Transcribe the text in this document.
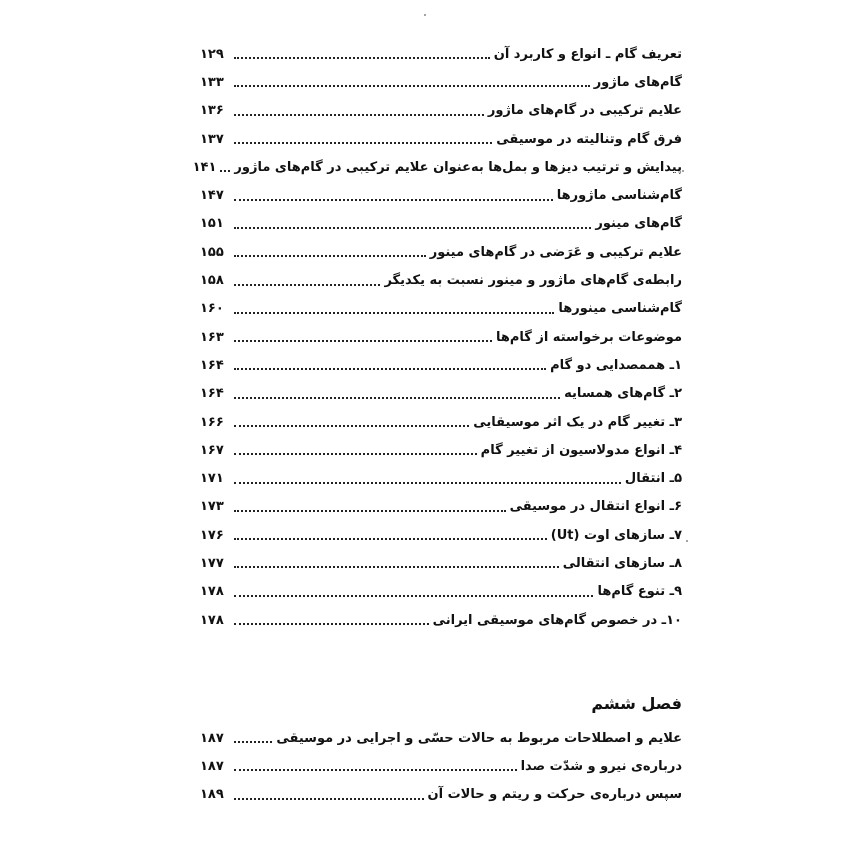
تعریف گام ـ انواع و کاربرد آن
۱۲۹
گام‌های ماژور
۱۳۳
علایم ترکیبی در گام‌های ماژور
۱۳۶
فرق گام وتنالیته در موسیقی
۱۳۷
پیدایش و ترتیب دیزها و بمل‌ها به‌عنوان علایم ترکیبی در گام‌های ماژور
۱۴۱
گام‌شناسی ماژورها
۱۴۷
گام‌های مینور
۱۵۱
علایم ترکیبی و عَرَضی در گام‌های مینور
۱۵۵
رابطه‌ی گام‌های ماژور و مینور نسبت به یکدیگر
۱۵۸
گام‌شناسی مینورها
۱۶۰
موضوعات برخواسته از گام‌ها
۱۶۳
۱ـ هممصدایی دو گام
۱۶۴
۲ـ گام‌های همسایه
۱۶۴
۳ـ تغییر گام در یک اثر موسیقایی
۱۶۶
۴ـ انواع مدولاسیون از تغییر گام
۱۶۷
۵ـ انتقال
۱۷۱
۶ـ انواع انتقال در موسیقی
۱۷۳
۷ـ سازهای اوت (Ut)
۱۷۶
۸ـ سازهای انتقالی
۱۷۷
۹ـ تنوع گام‌ها
۱۷۸
۱۰ـ در خصوص گام‌های موسیقی ایرانی
۱۷۸
فصل ششم
علایم و اصطلاحات مربوط به حالات حسّی و اجرایی در موسیقی
۱۸۷
درباره‌ی نیرو و شدّت صدا
۱۸۷
سپس درباره‌ی حرکت و ریتم و حالات آن
۱۸۹
